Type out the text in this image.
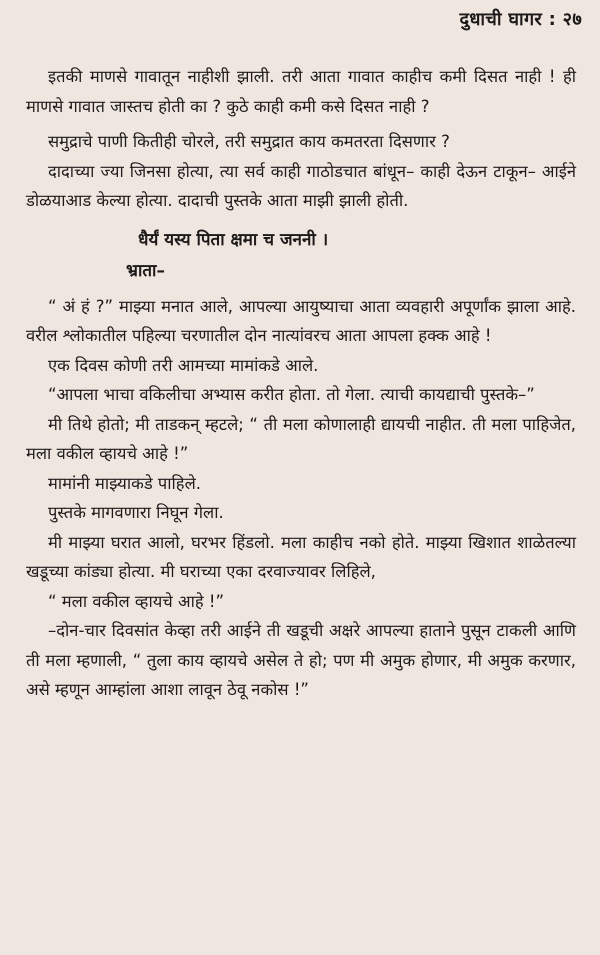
दुधाची घागर : २७

इतकी माणसे गावातून नाहीशी झाली. तरी आता गावात काहीच कमी दिसत नाही ! ही माणसे गावात जास्तच होती का ? कुठे काही कमी कसे दिसत नाही ?

समुद्राचे पाणी कितीही चोरले, तरी समुद्रात काय कमतरता दिसणार ?

दादाच्या ज्या जिनसा होत्या, त्या सर्व काही गाठोडचात बांधून– काही देऊन टाकून– आईने डोळयाआड केल्या होत्या. दादाची पुस्तके आता माझी झाली होती.

धैर्यं यस्य पिता क्षमा च जननी ।
भ्राता–

“ अं हं ?” माझ्या मनात आले, आपल्या आयुष्याचा आता व्यवहारी अपूर्णांक झाला आहे. वरील श्लोकातील पहिल्या चरणातील दोन नात्यांवरच आता आपला हक्क आहे !

एक दिवस कोणी तरी आमच्या मामांकडे आले.

“आपला भाचा वकिलीचा अभ्यास करीत होता. तो गेला. त्याची कायद्याची पुस्तके–”

मी तिथे होतो; मी ताडकन् म्हटले; “ ती मला कोणालाही द्यायची नाहीत. ती मला पाहिजेत, मला वकील व्हायचे आहे !”

मामांनी माझ्याकडे पाहिले.

पुस्तके मागवणारा निघून गेला.

मी माझ्या घरात आलो, घरभर हिंडलो. मला काहीच नको होते. माझ्या खिशात शाळेतल्या खडूच्या कांड्या होत्या. मी घराच्या एका दरवाज्यावर लिहिले,

“ मला वकील व्हायचे आहे !”

–दोन-चार दिवसांत केव्हा तरी आईने ती खडूची अक्षरे आपल्या हाताने पुसून टाकली आणि ती मला म्हणाली, “ तुला काय व्हायचे असेल ते हो; पण मी अमुक होणार, मी अमुक करणार, असे म्हणून आम्हांला आशा लावून ठेवू नकोस !”
